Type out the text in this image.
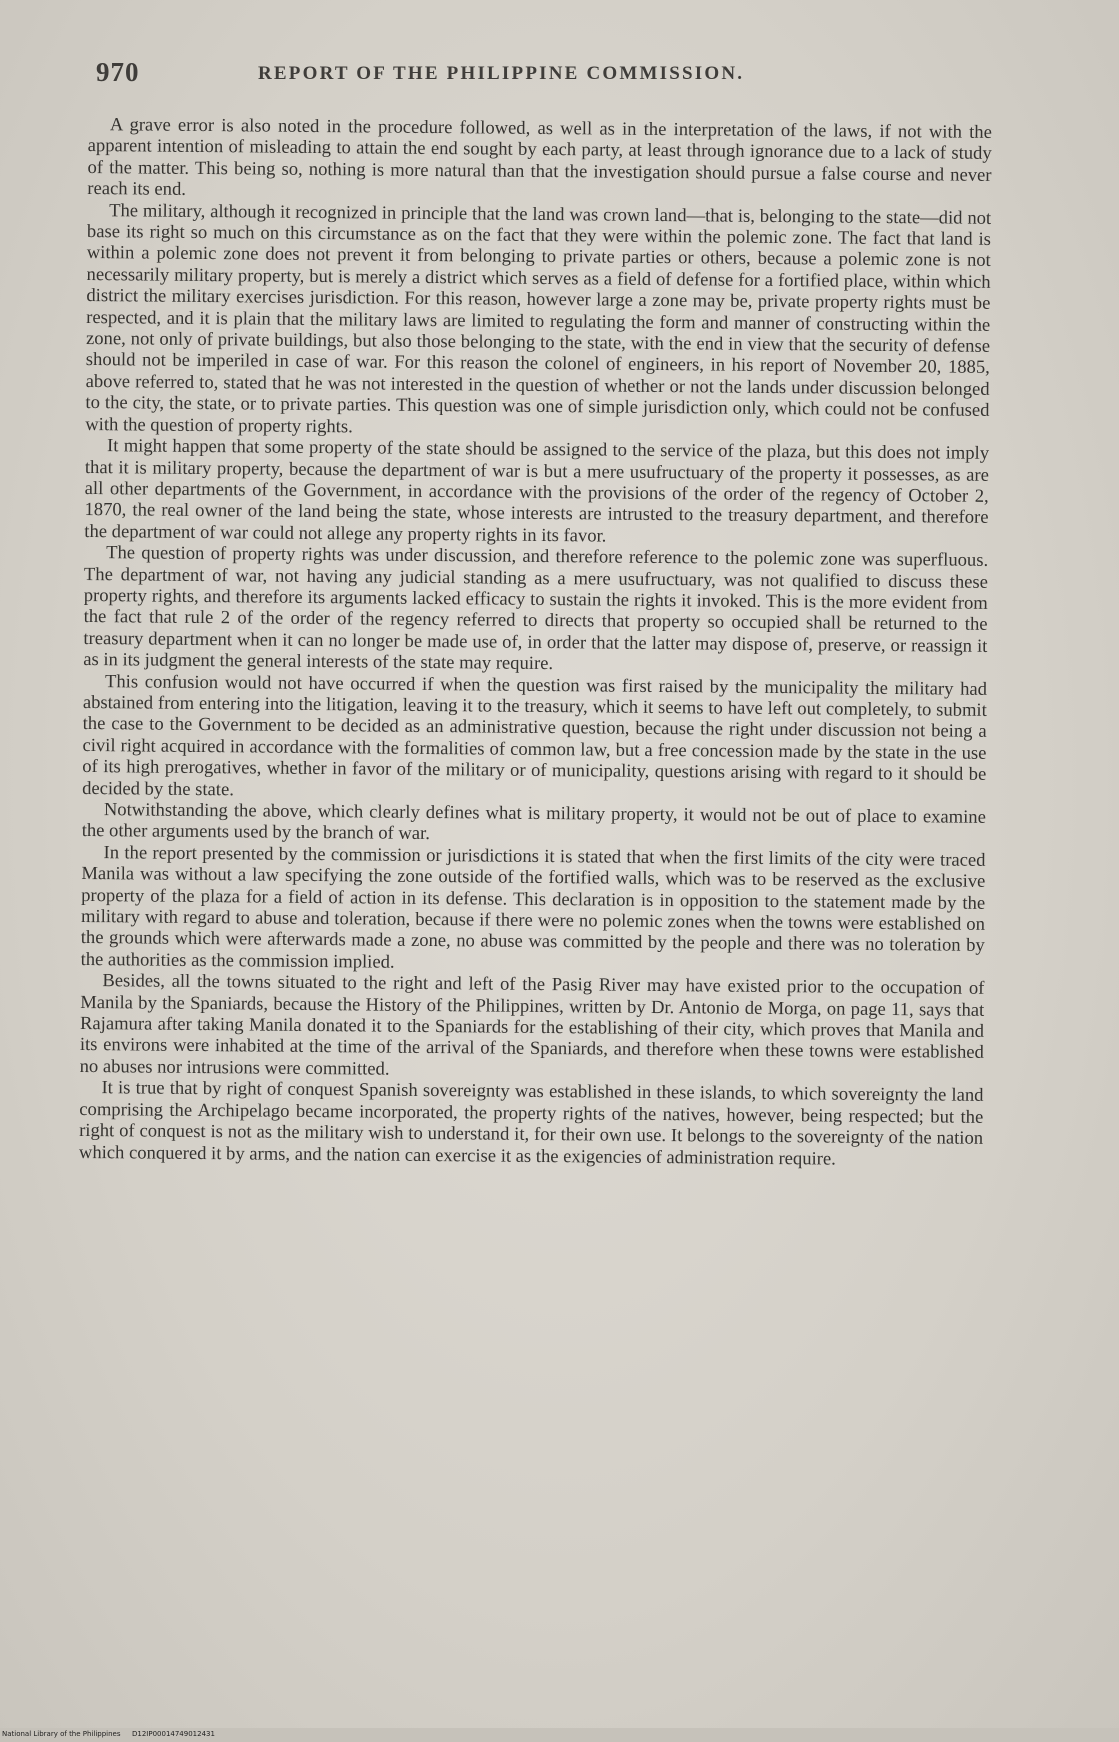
970	REPORT OF THE PHILIPPINE COMMISSION.

A grave error is also noted in the procedure followed, as well as in the interpretation of the laws, if not with the apparent intention of misleading to attain the end sought by each party, at least through ignorance due to a lack of study of the matter. This being so, nothing is more natural than that the investigation should pursue a false course and never reach its end.

The military, although it recognized in principle that the land was crown land—that is, belonging to the state—did not base its right so much on this circumstance as on the fact that they were within the polemic zone. The fact that land is within a polemic zone does not prevent it from belonging to private parties or others, because a polemic zone is not necessarily military property, but is merely a district which serves as a field of defense for a fortified place, within which district the military exercises jurisdiction. For this reason, however large a zone may be, private property rights must be respected, and it is plain that the military laws are limited to regulating the form and manner of constructing within the zone, not only of private buildings, but also those belonging to the state, with the end in view that the security of defense should not be imperiled in case of war. For this reason the colonel of engineers, in his report of November 20, 1885, above referred to, stated that he was not interested in the question of whether or not the lands under discussion belonged to the city, the state, or to private parties. This question was one of simple jurisdiction only, which could not be confused with the question of property rights.

It might happen that some property of the state should be assigned to the service of the plaza, but this does not imply that it is military property, because the department of war is but a mere usufructuary of the property it possesses, as are all other departments of the Government, in accordance with the provisions of the order of the regency of October 2, 1870, the real owner of the land being the state, whose interests are intrusted to the treasury department, and therefore the department of war could not allege any property rights in its favor.

The question of property rights was under discussion, and therefore reference to the polemic zone was superfluous. The department of war, not having any judicial standing as a mere usufructuary, was not qualified to discuss these property rights, and therefore its arguments lacked efficacy to sustain the rights it invoked. This is the more evident from the fact that rule 2 of the order of the regency referred to directs that property so occupied shall be returned to the treasury department when it can no longer be made use of, in order that the latter may dispose of, preserve, or reassign it as in its judgment the general interests of the state may require.

This confusion would not have occurred if when the question was first raised by the municipality the military had abstained from entering into the litigation, leaving it to the treasury, which it seems to have left out completely, to submit the case to the Government to be decided as an administrative question, because the right under discussion not being a civil right acquired in accordance with the formalities of common law, but a free concession made by the state in the use of its high prerogatives, whether in favor of the military or of municipality, questions arising with regard to it should be decided by the state.

Notwithstanding the above, which clearly defines what is military property, it would not be out of place to examine the other arguments used by the branch of war.

In the report presented by the commission or jurisdictions it is stated that when the first limits of the city were traced Manila was without a law specifying the zone outside of the fortified walls, which was to be reserved as the exclusive property of the plaza for a field of action in its defense. This declaration is in opposition to the statement made by the military with regard to abuse and toleration, because if there were no polemic zones when the towns were established on the grounds which were afterwards made a zone, no abuse was committed by the people and there was no toleration by the authorities as the commission implied.

Besides, all the towns situated to the right and left of the Pasig River may have existed prior to the occupation of Manila by the Spaniards, because the History of the Philippines, written by Dr. Antonio de Morga, on page 11, says that Rajamura after taking Manila donated it to the Spaniards for the establishing of their city, which proves that Manila and its environs were inhabited at the time of the arrival of the Spaniards, and therefore when these towns were established no abuses nor intrusions were committed.

It is true that by right of conquest Spanish sovereignty was established in these islands, to which sovereignty the land comprising the Archipelago became incorporated, the property rights of the natives, however, being respected; but the right of conquest is not as the military wish to understand it, for their own use. It belongs to the sovereignty of the nation which conquered it by arms, and the nation can exercise it as the exigencies of administration require.

National Library of the Philippines D12IP00014749012431
